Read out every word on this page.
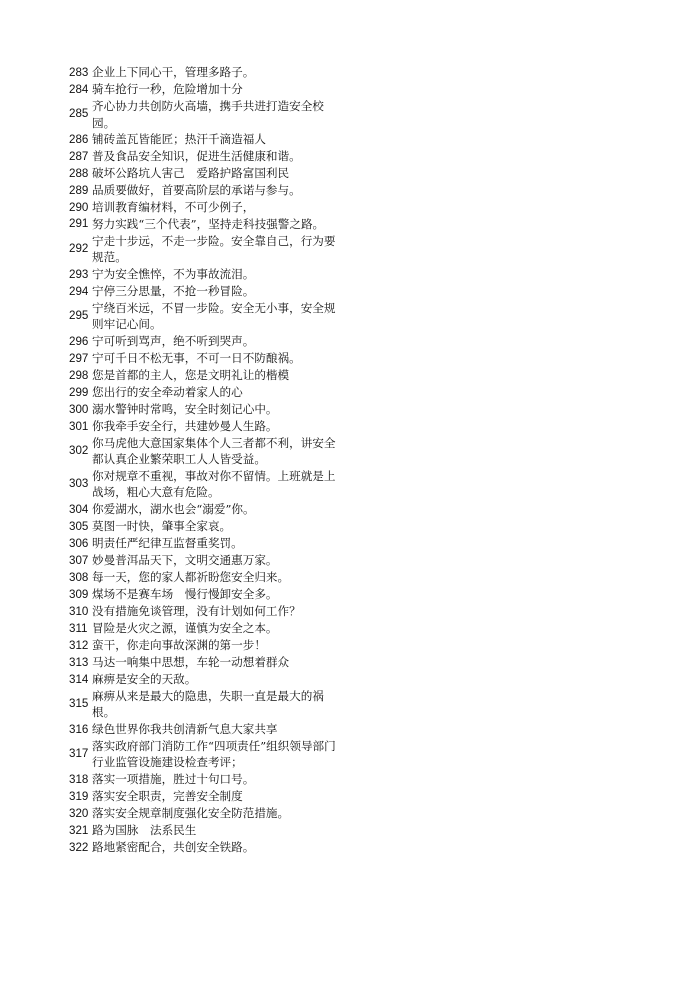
283 企业上下同心干，管理多路子。
284 骑车抢行一秒，危险增加十分
285
齐心协力共创防火高墙，携手共进打造安全校园。
286 铺砖盖瓦皆能匠；热汗千滴造福人
287 普及食品安全知识，促进生活健康和谐。
288 破坏公路坑人害己　爱路护路富国利民
289 品质要做好，首要高阶层的承诺与参与。
290 培训教育编材料，不可少例子，
291 努力实践“三个代表”，坚持走科技强警之路。
292
宁走十步远，不走一步险。安全靠自己，行为要规范。
293 宁为安全憔悴，不为事故流泪。
294 宁停三分思量，不抢一秒冒险。
295
宁绕百米远，不冒一步险。安全无小事，安全规则牢记心间。
296 宁可听到骂声，绝不听到哭声。
297 宁可千日不松无事，不可一日不防酿祸。
298 您是首都的主人，您是文明礼让的楷模
299 您出行的安全牵动着家人的心
300 溺水警钟时常鸣，安全时刻记心中。
301 你我牵手安全行，共建妙曼人生路。
302
你马虎他大意国家集体个人三者都不利，讲安全都认真企业繁荣职工人人皆受益。
303
你对规章不重视，事故对你不留情。上班就是上战场，粗心大意有危险。
304 你爱湖水，湖水也会“溺爱”你。
305 莫图一时快，肇事全家哀。
306 明责任严纪律互监督重奖罚。
307 妙曼普洱品天下，文明交通惠万家。
308 每一天，您的家人都祈盼您安全归来。
309 煤场不是赛车场　慢行慢卸安全多。
310 没有措施免谈管理，没有计划如何工作？
311 冒险是火灾之源，谨慎为安全之本。
312 蛮干，你走向事故深渊的第一步！
313 马达一响集中思想，车轮一动想着群众
314 麻痹是安全的天敌。
315
麻痹从来是最大的隐患，失职一直是最大的祸根。
316 绿色世界你我共创清新气息大家共享
317
落实政府部门消防工作“四项责任”组织领导部门行业监管设施建设检查考评；
318 落实一项措施，胜过十句口号。
319 落实安全职责，完善安全制度
320 落实安全规章制度强化安全防范措施。
321 路为国脉　法系民生
322 路地紧密配合，共创安全铁路。
